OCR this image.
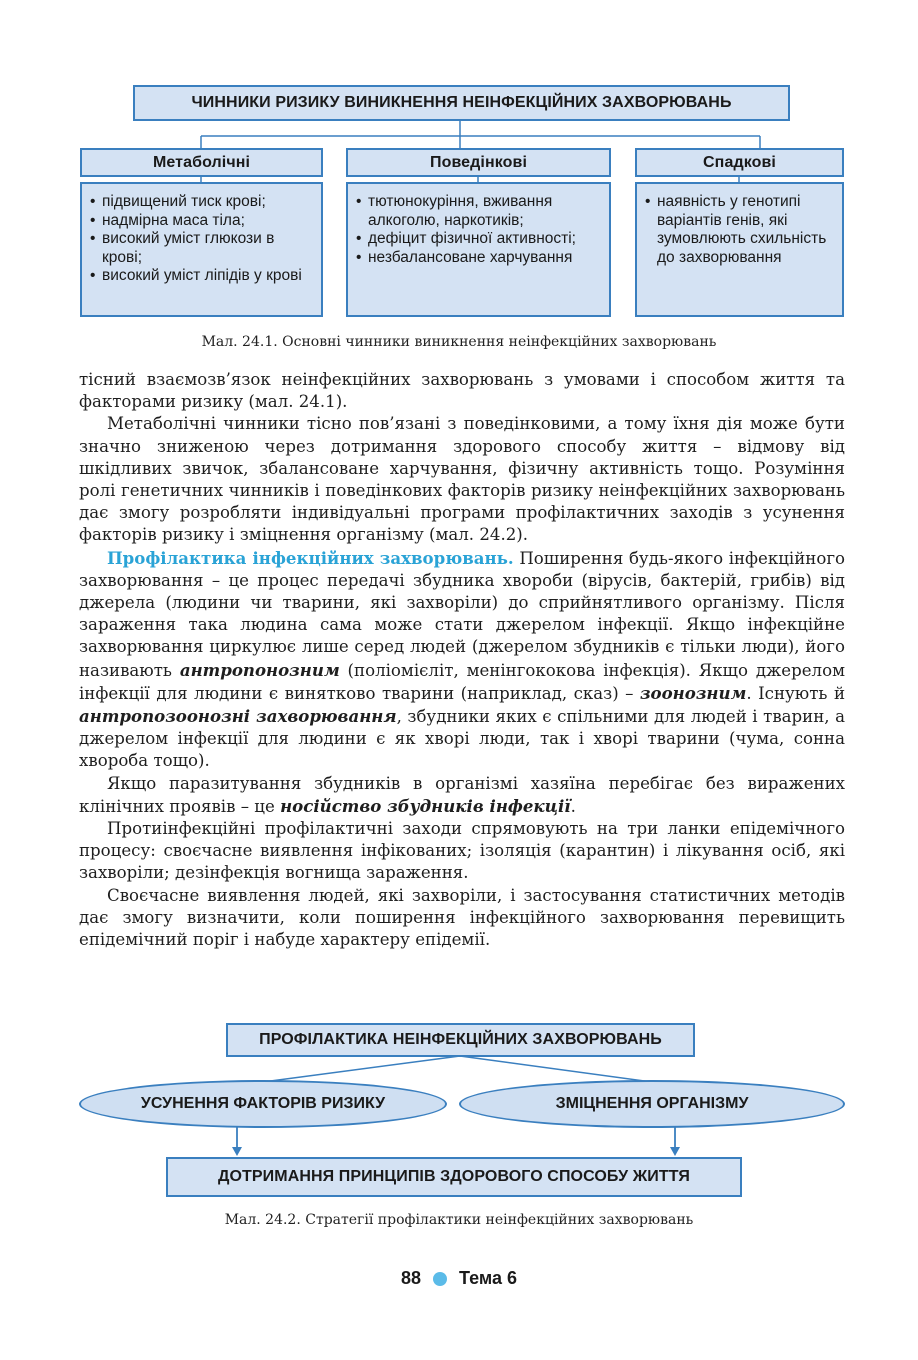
ЧИННИКИ РИЗИКУ ВИНИКНЕННЯ НЕІНФЕКЦІЙНИХ ЗАХВОРЮВАНЬ
Метаболічні	Поведінкові	Спадкові
• підвищений тиск крові;
• надмірна маса тіла;
• високий уміст глюкози в крові;
• високий уміст ліпідів у крові
• тютюнокуріння, вживання алкоголю, наркотиків;
• дефіцит фізичної активності;
• незбалансоване харчування
• наявність у генотипі варіантів генів, які зумовлюють схильність до захворювання
Мал. 24.1. Основні чинники виникнення неінфекційних захворювань

тісний взаємозв’язок неінфекційних захворювань з умовами і способом життя та факторами ризику (мал. 24.1).

Метаболічні чинники тісно пов’язані з поведінковими, а тому їхня дія може бути значно зниженою через дотримання здорового способу життя – відмову від шкідливих звичок, збалансоване харчування, фізичну активність тощо. Розуміння ролі генетичних чинників і поведінкових факторів ризику неінфекційних захворювань дає змогу розробляти індивідуальні програми профілактичних заходів з усунення факторів ризику і зміцнення організму (мал. 24.2).

Профілактика інфекційних захворювань. Поширення будь-якого інфекційного захворювання – це процес передачі збудника хвороби (вірусів, бактерій, грибів) від джерела (людини чи тварини, які захворіли) до сприйнятливого організму. Після зараження така людина сама може стати джерелом інфекції. Якщо інфекційне захворювання циркулює лише серед людей (джерелом збудників є тільки люди), його називають антропонозним (поліомієліт, менінгококова інфекція). Якщо джерелом інфекції для людини є винятково тварини (наприклад, сказ) – зоонозним. Існують й антропозоонозні захворювання, збудники яких є спільними для людей і тварин, а джерелом інфекції для людини є як хворі люди, так і хворі тварини (чума, сонна хвороба тощо).

Якщо паразитування збудників в організмі хазяїна перебігає без виражених клінічних проявів – це носійство збудників інфекції.

Протиінфекційні профілактичні заходи спрямовують на три ланки епідемічного процесу: своєчасне виявлення інфікованих; ізоляція (карантин) і лікування осіб, які захворіли; дезінфекція вогнища зараження.

Своєчасне виявлення людей, які захворіли, і застосування статистичних методів дає змогу визначити, коли поширення інфекційного захворювання перевищить епідемічний поріг і набуде характеру епідемії.

ПРОФІЛАКТИКА НЕІНФЕКЦІЙНИХ ЗАХВОРЮВАНЬ
УСУНЕННЯ ФАКТОРІВ РИЗИКУ	ЗМІЦНЕННЯ ОРГАНІЗМУ
ДОТРИМАННЯ ПРИНЦИПІВ ЗДОРОВОГО СПОСОБУ ЖИТТЯ
Мал. 24.2. Стратегії профілактики неінфекційних захворювань
88 Тема 6
